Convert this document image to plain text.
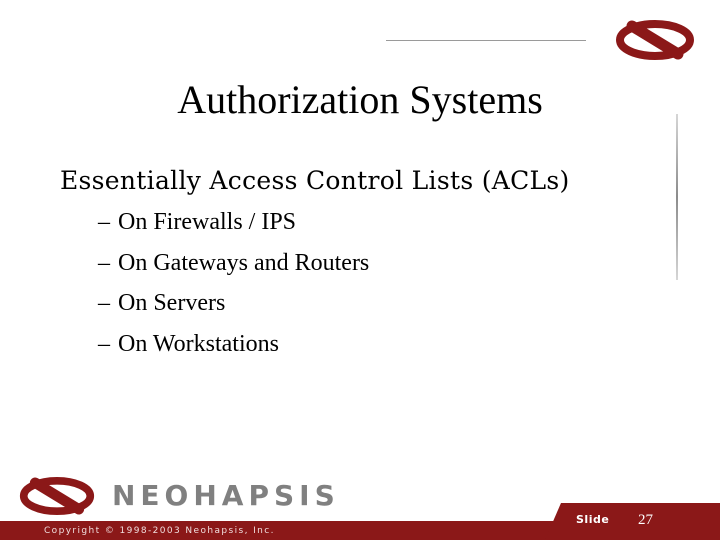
Authorization Systems
Essentially Access Control Lists (ACLs)
– On Firewalls / IPS
– On Gateways and Routers
– On Servers
– On Workstations
NEOHAPSIS
Copyright © 1998-2003 Neohapsis, Inc.
Slide 27
